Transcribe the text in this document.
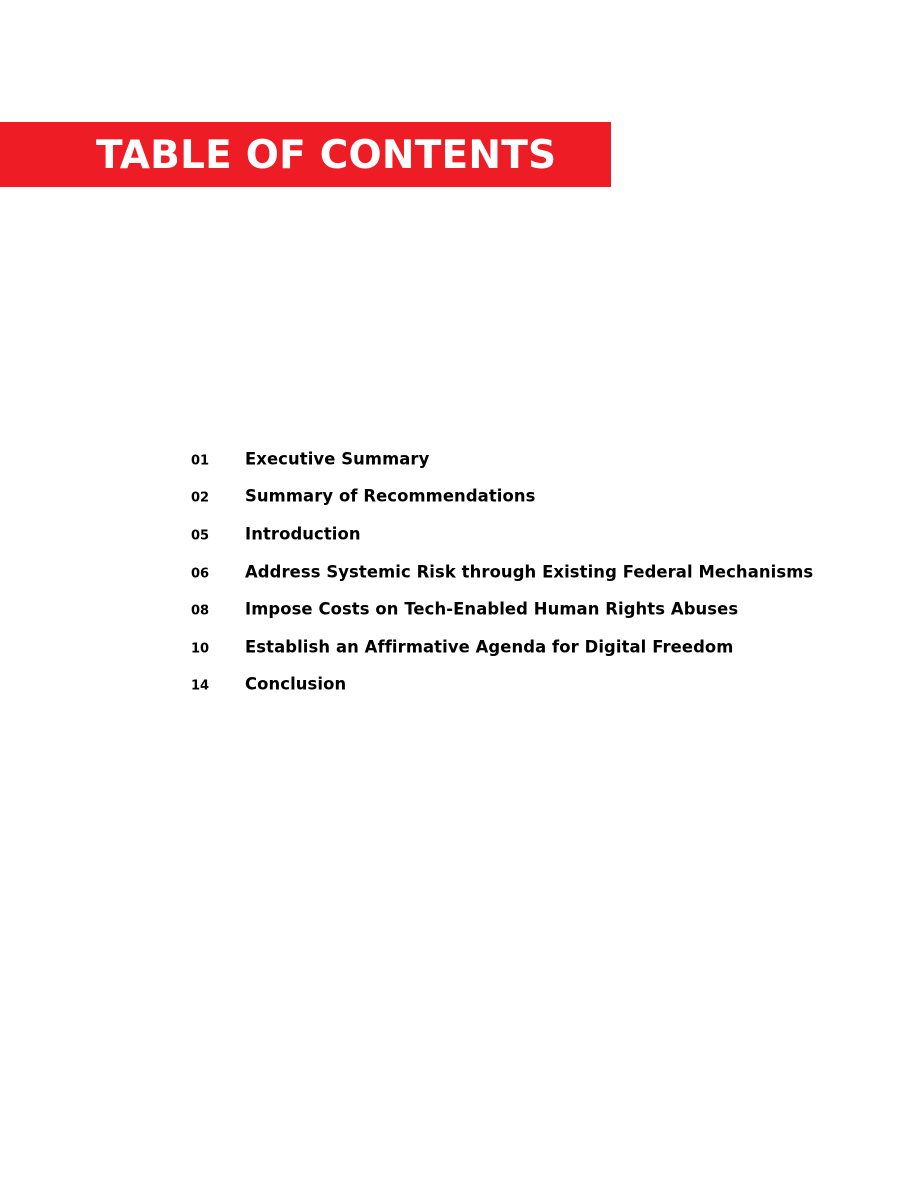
TABLE OF CONTENTS
01	Executive Summary
02	Summary of Recommendations
05	Introduction
06	Address Systemic Risk through Existing Federal Mechanisms
08	Impose Costs on Tech-Enabled Human Rights Abuses
10	Establish an Affirmative Agenda for Digital Freedom
14	Conclusion
